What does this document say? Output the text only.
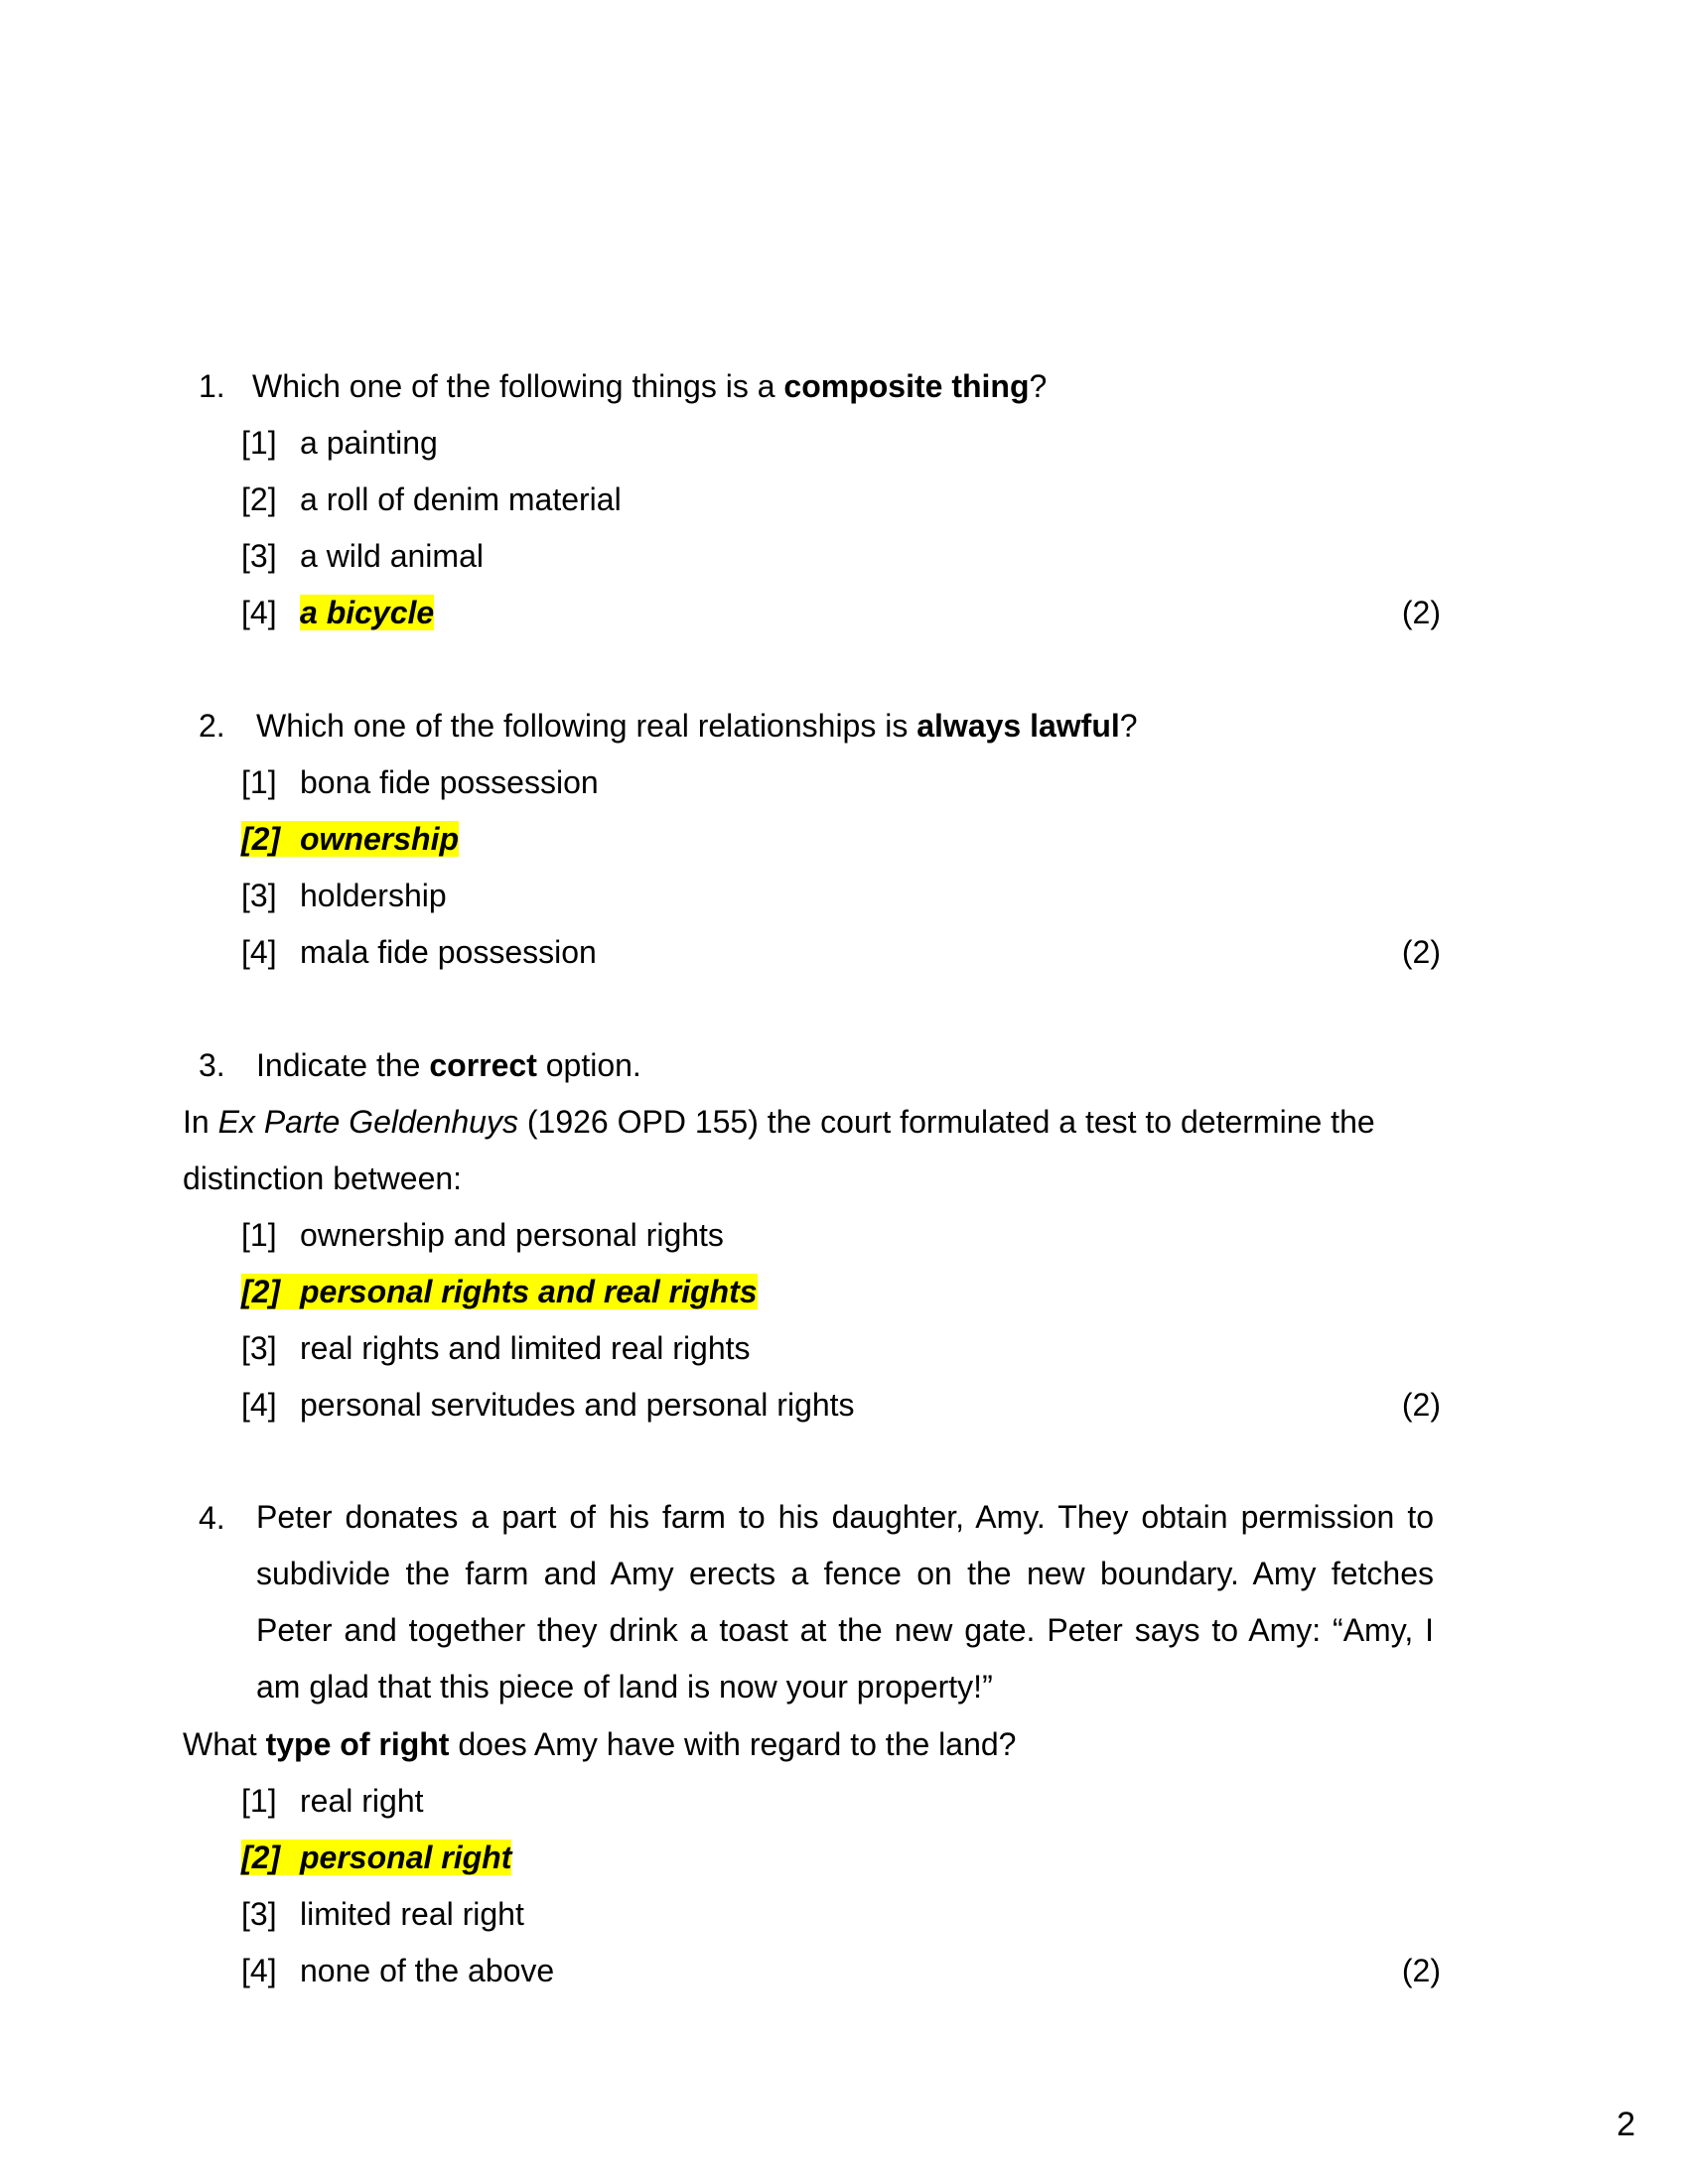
1. Which one of the following things is a composite thing?
[1] a painting
[2] a roll of denim material
[3] a wild animal
[4] a bicycle	(2)
2. Which one of the following real relationships is always lawful?
[1] bona fide possession
[2] ownership
[3] holdership
[4] mala fide possession	(2)
3. Indicate the correct option.
In Ex Parte Geldenhuys (1926 OPD 155) the court formulated a test to determine the
distinction between:
[1] ownership and personal rights
[2] personal rights and real rights
[3] real rights and limited real rights
[4] personal servitudes and personal rights	(2)
4. Peter donates a part of his farm to his daughter, Amy. They obtain permission to subdivide the farm and Amy erects a fence on the new boundary. Amy fetches Peter and together they drink a toast at the new gate. Peter says to Amy: “Amy, I am glad that this piece of land is now your property!”
What type of right does Amy have with regard to the land?
[1] real right
[2] personal right
[3] limited real right
[4] none of the above	(2)
2
